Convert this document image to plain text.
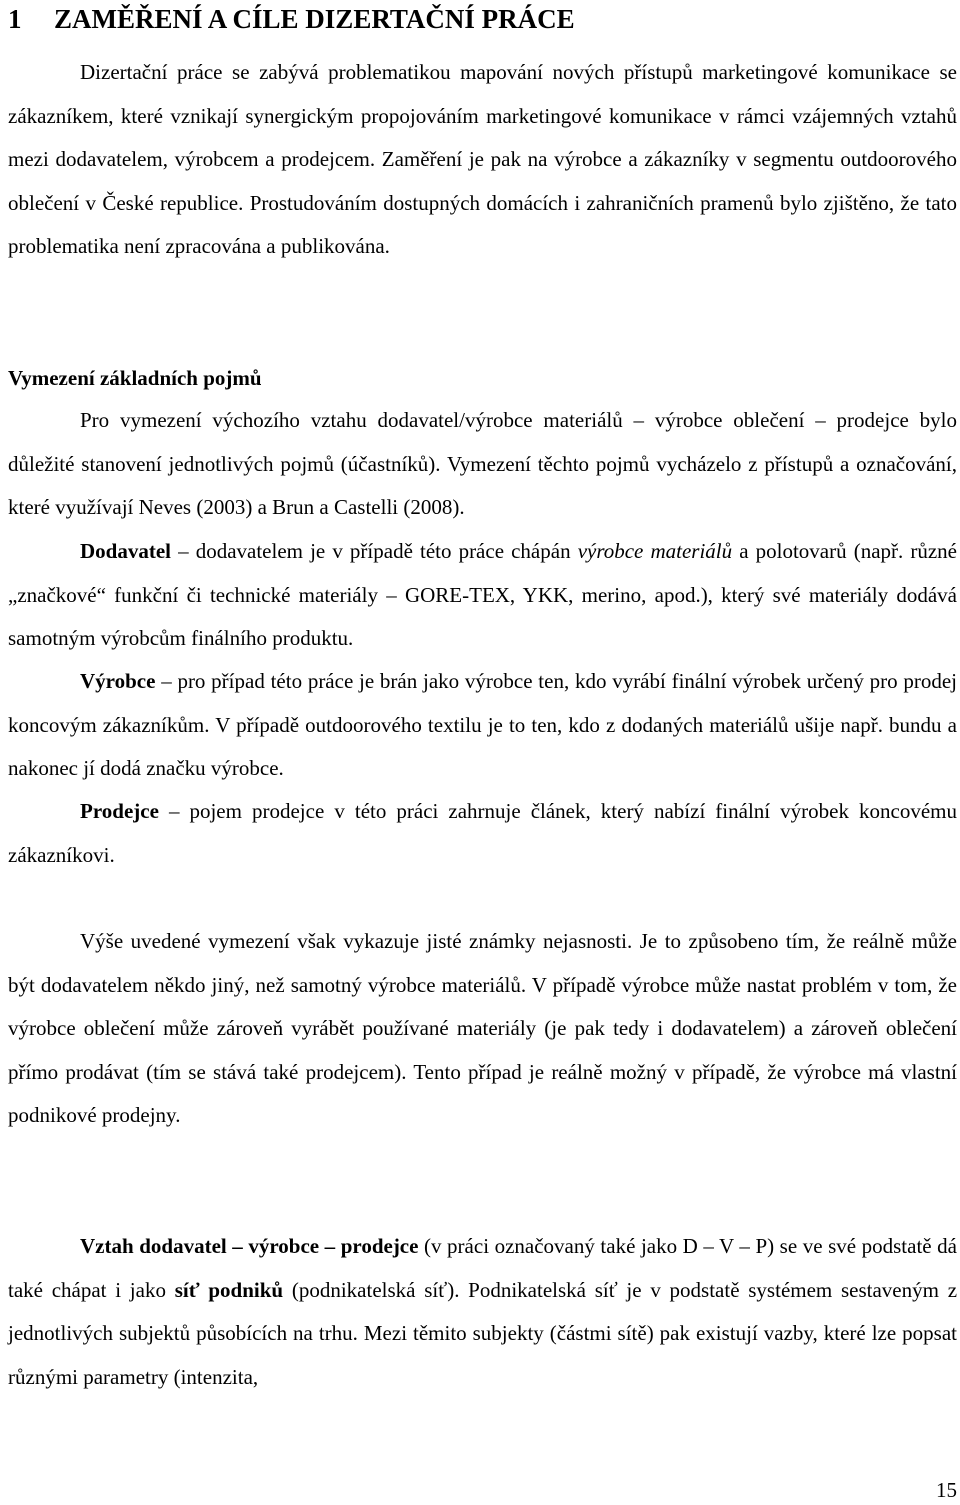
1 ZAMĚŘENÍ A CÍLE DIZERTAČNÍ PRÁCE

Dizertační práce se zabývá problematikou mapování nových přístupů marketingové komunikace se zákazníkem, které vznikají synergickým propojováním marketingové komunikace v rámci vzájemných vztahů mezi dodavatelem, výrobcem a prodejcem. Zaměření je pak na výrobce a zákazníky v segmentu outdoorového oblečení v České republice. Prostudováním dostupných domácích i zahraničních pramenů bylo zjištěno, že tato problematika není zpracována a publikována.

Vymezení základních pojmů

Pro vymezení výchozího vztahu dodavatel/výrobce materiálů – výrobce oblečení – prodejce bylo důležité stanovení jednotlivých pojmů (účastníků). Vymezení těchto pojmů vycházelo z přístupů a označování, které využívají Neves (2003) a Brun a Castelli (2008).

Dodavatel – dodavatelem je v případě této práce chápán výrobce materiálů a polotovarů (např. různé „značkové“ funkční či technické materiály – GORE-TEX, YKK, merino, apod.), který své materiály dodává samotným výrobcům finálního produktu.

Výrobce – pro případ této práce je brán jako výrobce ten, kdo vyrábí finální výrobek určený pro prodej koncovým zákazníkům. V případě outdoorového textilu je to ten, kdo z dodaných materiálů ušije např. bundu a nakonec jí dodá značku výrobce.

Prodejce – pojem prodejce v této práci zahrnuje článek, který nabízí finální výrobek koncovému zákazníkovi.

Výše uvedené vymezení však vykazuje jisté známky nejasnosti. Je to způsobeno tím, že reálně může být dodavatelem někdo jiný, než samotný výrobce materiálů. V případě výrobce může nastat problém v tom, že výrobce oblečení může zároveň vyrábět používané materiály (je pak tedy i dodavatelem) a zároveň oblečení přímo prodávat (tím se stává také prodejcem). Tento případ je reálně možný v případě, že výrobce má vlastní podnikové prodejny.

Vztah dodavatel – výrobce – prodejce (v práci označovaný také jako D – V – P) se ve své podstatě dá také chápat i jako síť podniků (podnikatelská síť). Podnikatelská síť je v podstatě systémem sestaveným z jednotlivých subjektů působících na trhu. Mezi těmito subjekty (částmi sítě) pak existují vazby, které lze popsat různými parametry (intenzita,

15
